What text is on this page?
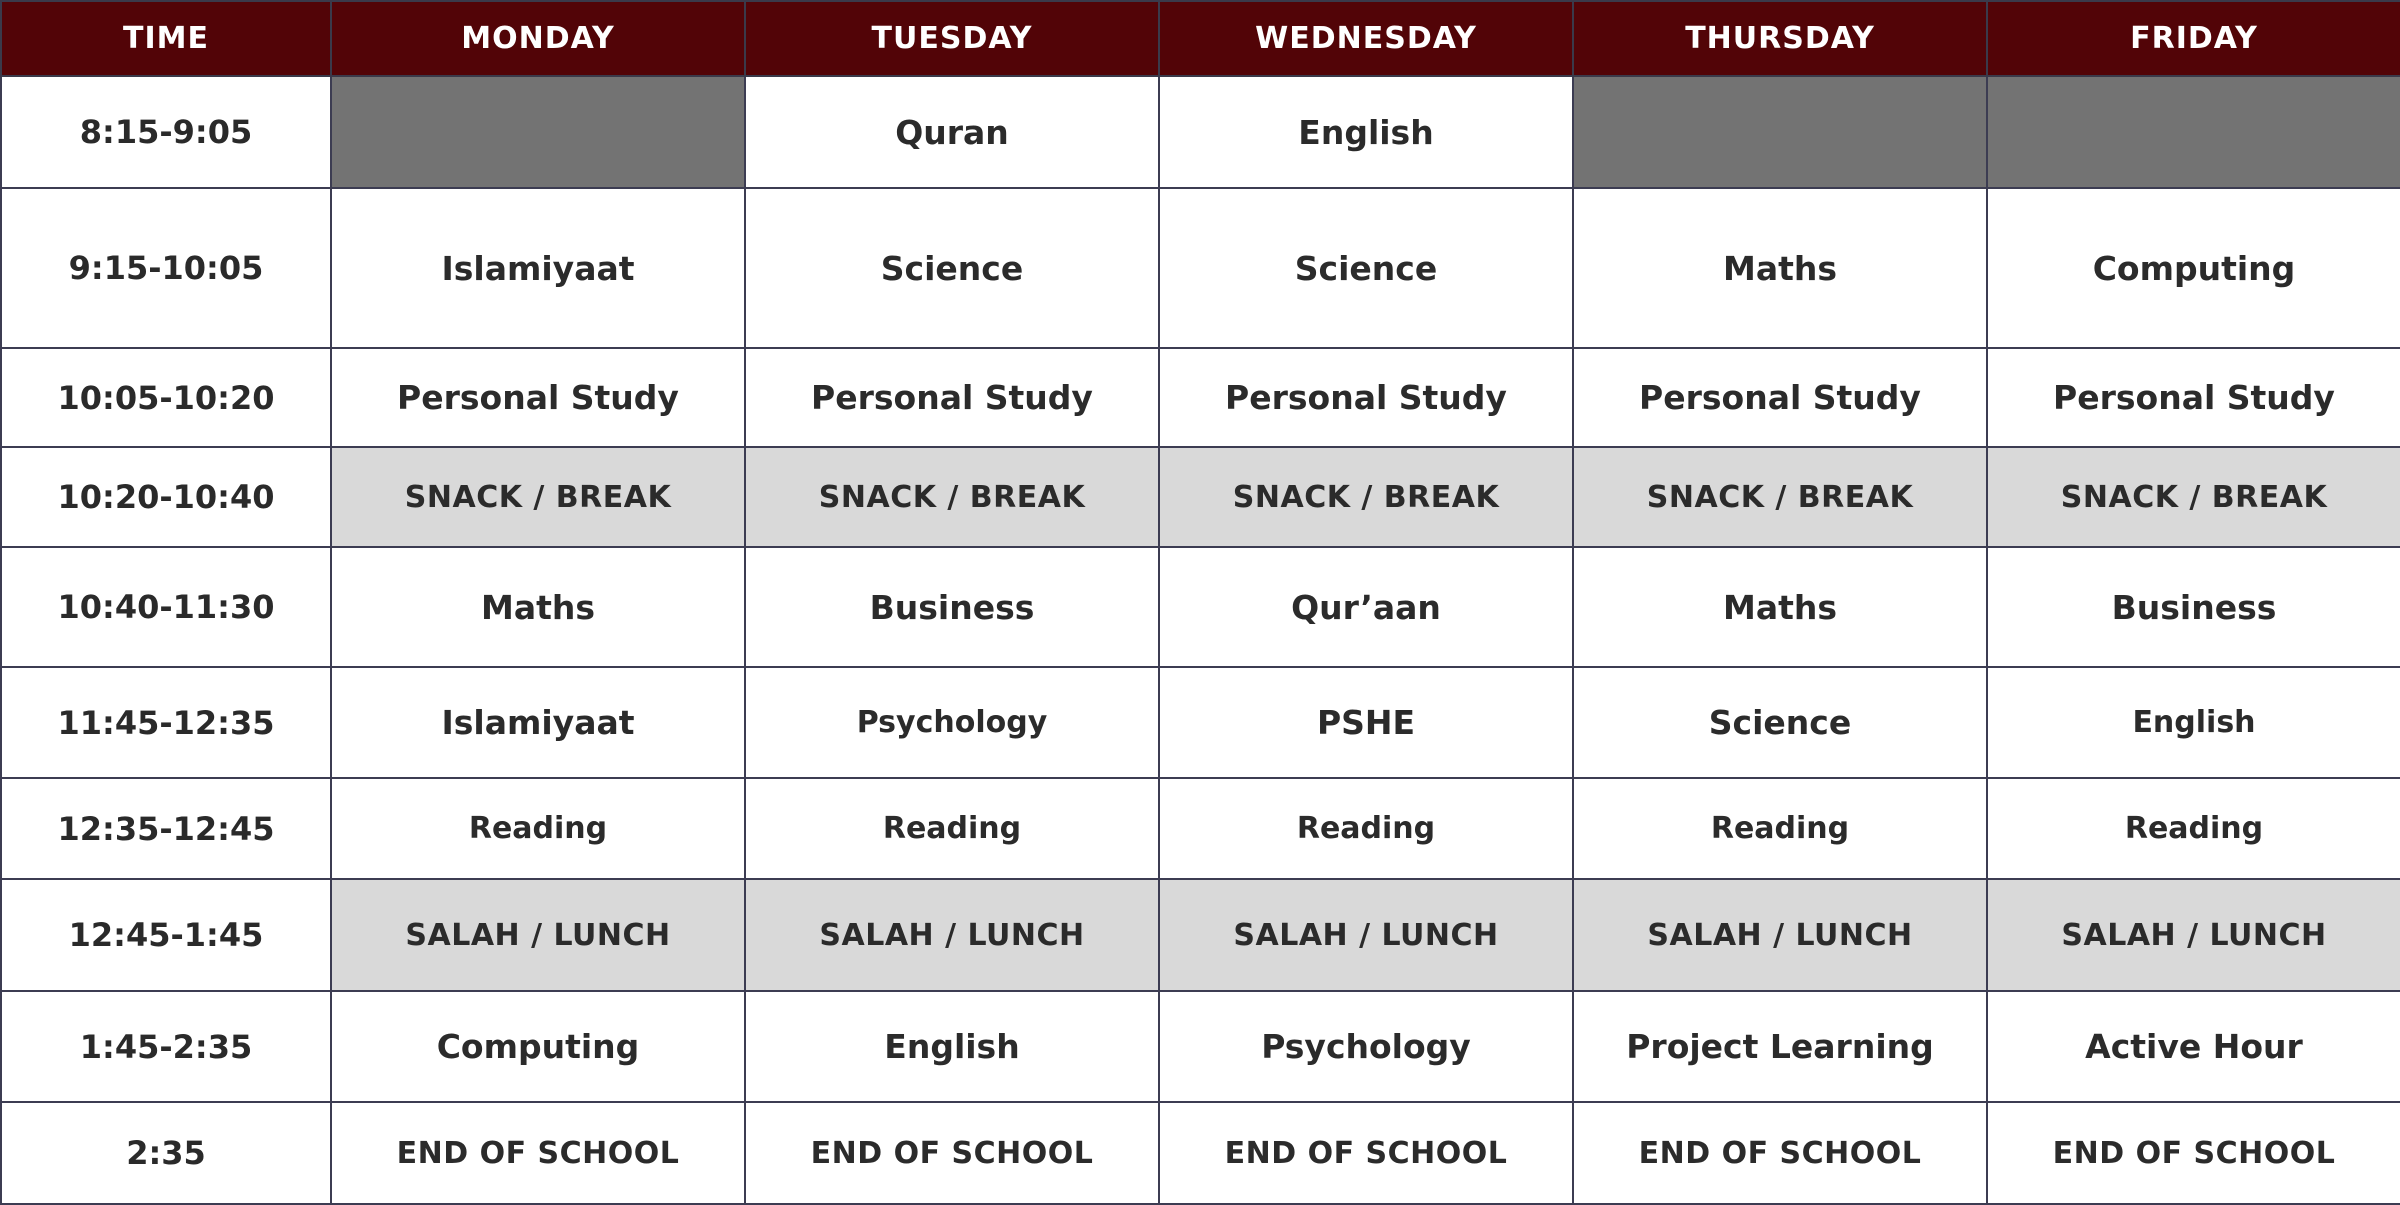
TIME	MONDAY	TUESDAY	WEDNESDAY	THURSDAY	FRIDAY
8:15-9:05		Quran	English		
9:15-10:05	Islamiyaat	Science	Science	Maths	Computing
10:05-10:20	Personal Study	Personal Study	Personal Study	Personal Study	Personal Study
10:20-10:40	SNACK / BREAK	SNACK / BREAK	SNACK / BREAK	SNACK / BREAK	SNACK / BREAK
10:40-11:30	Maths	Business	Qur’aan	Maths	Business
11:45-12:35	Islamiyaat	Psychology	PSHE	Science	English
12:35-12:45	Reading	Reading	Reading	Reading	Reading
12:45-1:45	SALAH / LUNCH	SALAH / LUNCH	SALAH / LUNCH	SALAH / LUNCH	SALAH / LUNCH
1:45-2:35	Computing	English	Psychology	Project Learning	Active Hour
2:35	END OF SCHOOL	END OF SCHOOL	END OF SCHOOL	END OF SCHOOL	END OF SCHOOL
